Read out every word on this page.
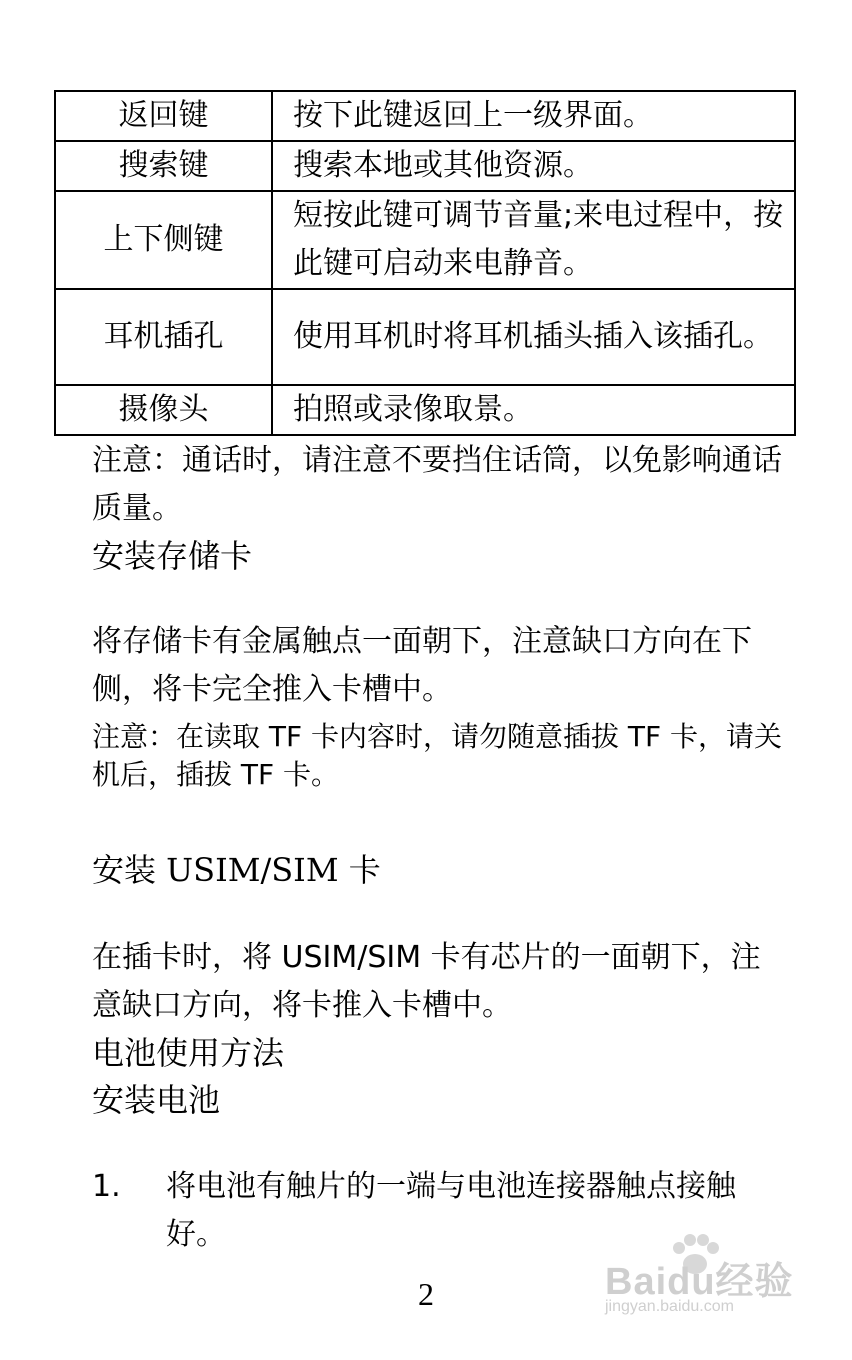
返回键	按下此键返回上一级界面。
搜索键	搜索本地或其他资源。
上下侧键	短按此键可调节音量;来电过程中，按此键可启动来电静音。
耳机插孔	使用耳机时将耳机插头插入该插孔。
摄像头	拍照或录像取景。
注意：通话时，请注意不要挡住话筒，以免影响通话质量。
安装存储卡
将存储卡有金属触点一面朝下，注意缺口方向在下侧，将卡完全推入卡槽中。
注意：在读取 TF 卡内容时，请勿随意插拔 TF 卡，请关机后，插拔 TF 卡。
安装 USIM/SIM 卡
在插卡时，将 USIM/SIM 卡有芯片的一面朝下，注意缺口方向，将卡推入卡槽中。
电池使用方法
安装电池
1. 将电池有触片的一端与电池连接器触点接触好。
2	Baidu经验
jingyan.baidu.com
